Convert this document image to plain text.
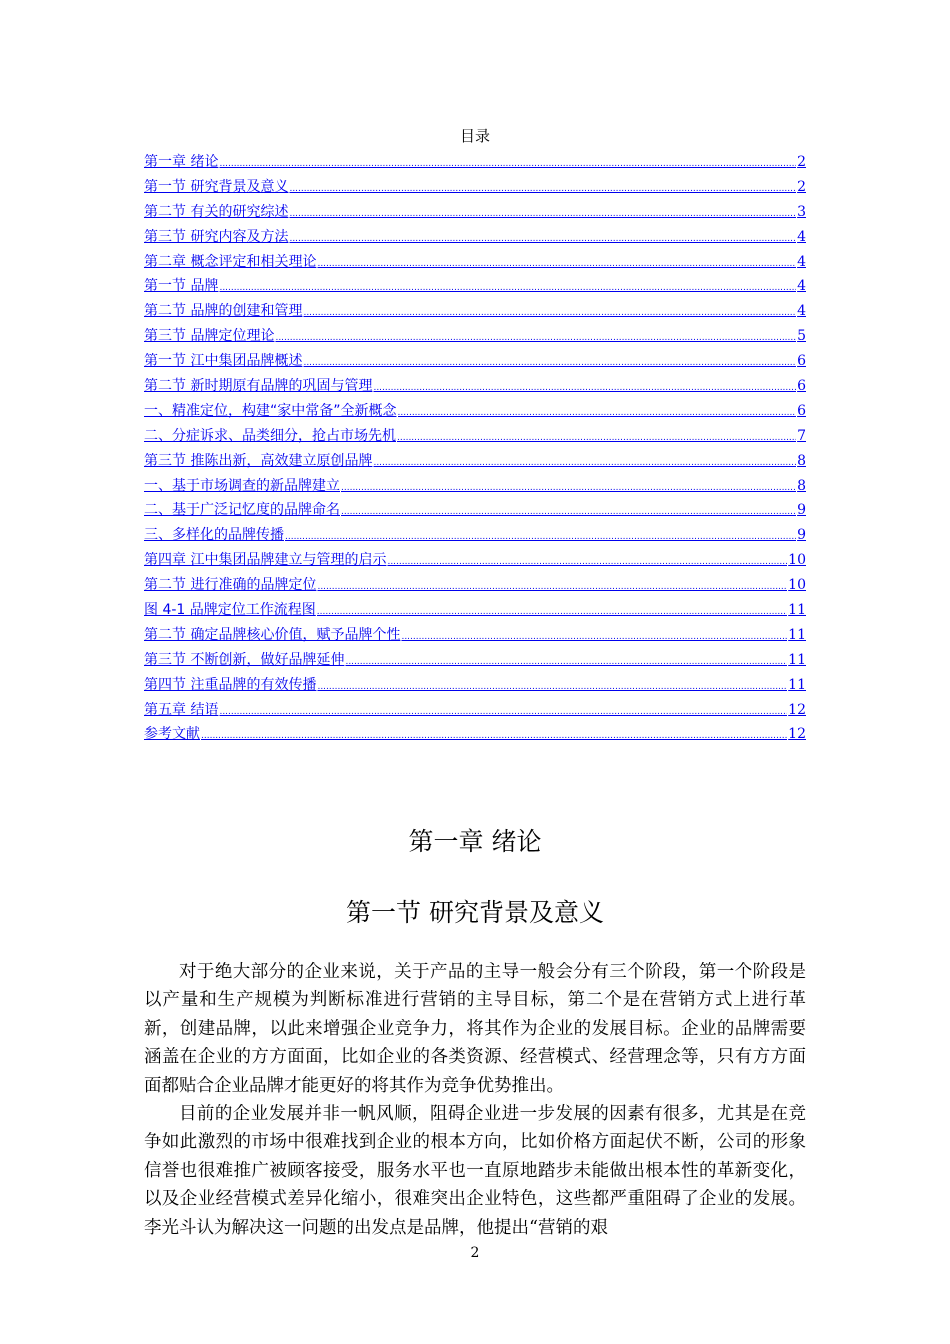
目录
第一章 绪论 .....	2
第一节 研究背景及意义 .....	2
第二节 有关的研究综述 .....	3
第三节 研究内容及方法 .....	4
第二章 概念评定和相关理论 .....	4
第一节 品牌 .....	4
第二节 品牌的创建和管理 .....	4
第三节 品牌定位理论 .....	5
第一节 江中集团品牌概述 .....	6
第二节 新时期原有品牌的巩固与管理 .....	6
一、精准定位，构建“家中常备”全新概念 .....	6
二、分症诉求、品类细分，抢占市场先机 .....	7
第三节 推陈出新，高效建立原创品牌 .....	8
一、基于市场调查的新品牌建立 .....	8
二、基于广泛记忆度的品牌命名 .....	9
三、多样化的品牌传播 .....	9
第四章 江中集团品牌建立与管理的启示 .....	10
第二节 进行准确的品牌定位 .....	10
图 4-1 品牌定位工作流程图 .....	11
第二节 确定品牌核心价值，赋予品牌个性 .....	11
第三节 不断创新，做好品牌延伸 .....	11
第四节 注重品牌的有效传播 .....	11
第五章 结语 .....	12
参考文献 .....	12
第一章 绪论
第一节 研究背景及意义

对于绝大部分的企业来说，关于产品的主导一般会分有三个阶段，第一个阶段是以产量和生产规模为判断标准进行营销的主导目标，第二个是在营销方式上进行革新，创建品牌，以此来增强企业竞争力，将其作为企业的发展目标。企业的品牌需要涵盖在企业的方方面面，比如企业的各类资源、经营模式、经营理念等，只有方方面面都贴合企业品牌才能更好的将其作为竞争优势推出。

目前的企业发展并非一帆风顺，阻碍企业进一步发展的因素有很多，尤其是在竞争如此激烈的市场中很难找到企业的根本方向，比如价格方面起伏不断，公司的形象信誉也很难推广被顾客接受，服务水平也一直原地踏步未能做出根本性的革新变化，以及企业经营模式差异化缩小，很难突出企业特色，这些都严重阻碍了企业的发展。李光斗认为解决这一问题的出发点是品牌，他提出“营销的艰

2
